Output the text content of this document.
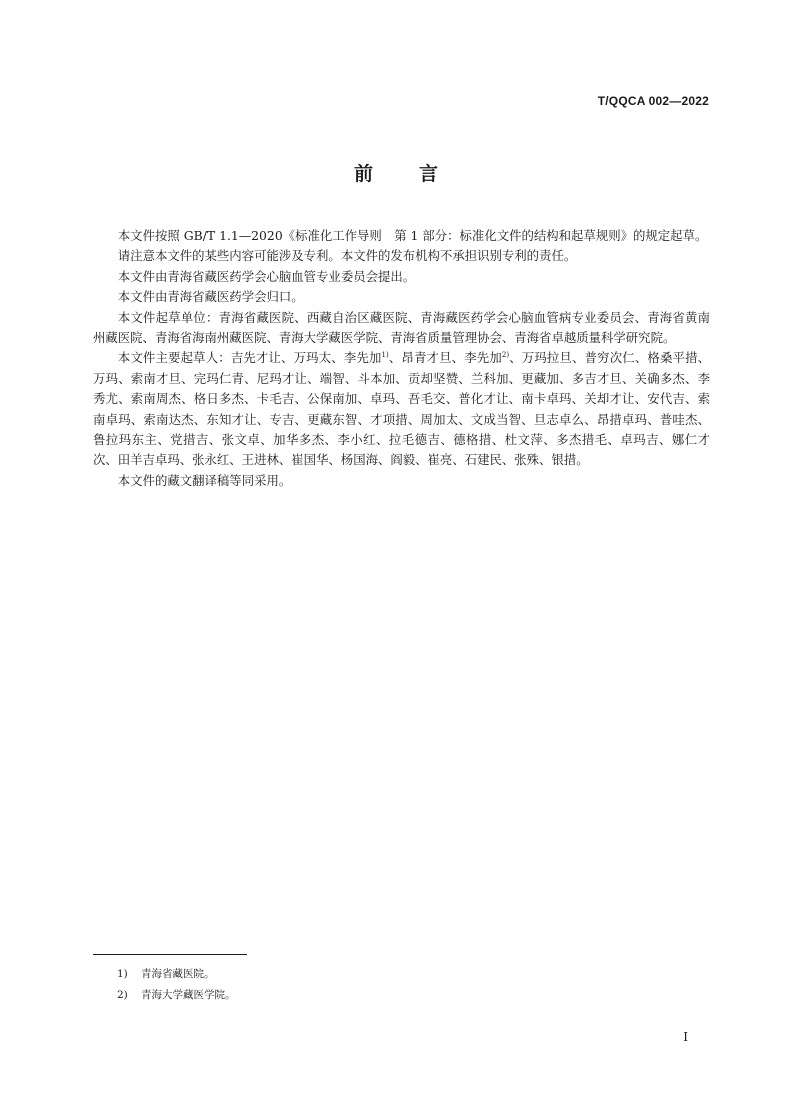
T/QQCA 002—2022
前 言

本文件按照 GB/T 1.1—2020《标准化工作导则　第 1 部分：标准化文件的结构和起草规则》的规定起草。

请注意本文件的某些内容可能涉及专利。本文件的发布机构不承担识别专利的责任。

本文件由青海省藏医药学会心脑血管专业委员会提出。

本文件由青海省藏医药学会归口。

本文件起草单位：青海省藏医院、西藏自治区藏医院、青海藏医药学会心脑血管病专业委员会、青海省黄南州藏医院、青海省海南州藏医院、青海大学藏医学院、青海省质量管理协会、青海省卓越质量科学研究院。

本文件主要起草人：吉先才让、万玛太、李先加$^{1)}$、昂青才旦、李先加$^{2)}$、万玛拉旦、普穷次仁、格桑平措、万玛、索南才旦、完玛仁青、尼玛才让、端智、斗本加、贡却坚赞、兰科加、更藏加、多吉才旦、关确多杰、李秀尤、索南周杰、格日多杰、卡毛吉、公保南加、卓玛、吾毛交、普化才让、南卡卓玛、关却才让、安代吉、索南卓玛、索南达杰、东知才让、专吉、更藏东智、才项措、周加太、文成当智、旦志卓么、昂措卓玛、普哇杰、鲁拉玛东主、党措吉、张文卓、加华多杰、李小红、拉毛德吉、德格措、杜文萍、多杰措毛、卓玛吉、娜仁才次、田羊吉卓玛、张永红、王进林、崔国华、杨国海、阎毅、崔亮、石建民、张殊、银措。

本文件的藏文翻译稿等同采用。

1) 青海省藏医院。
2) 青海大学藏医学院。
I
